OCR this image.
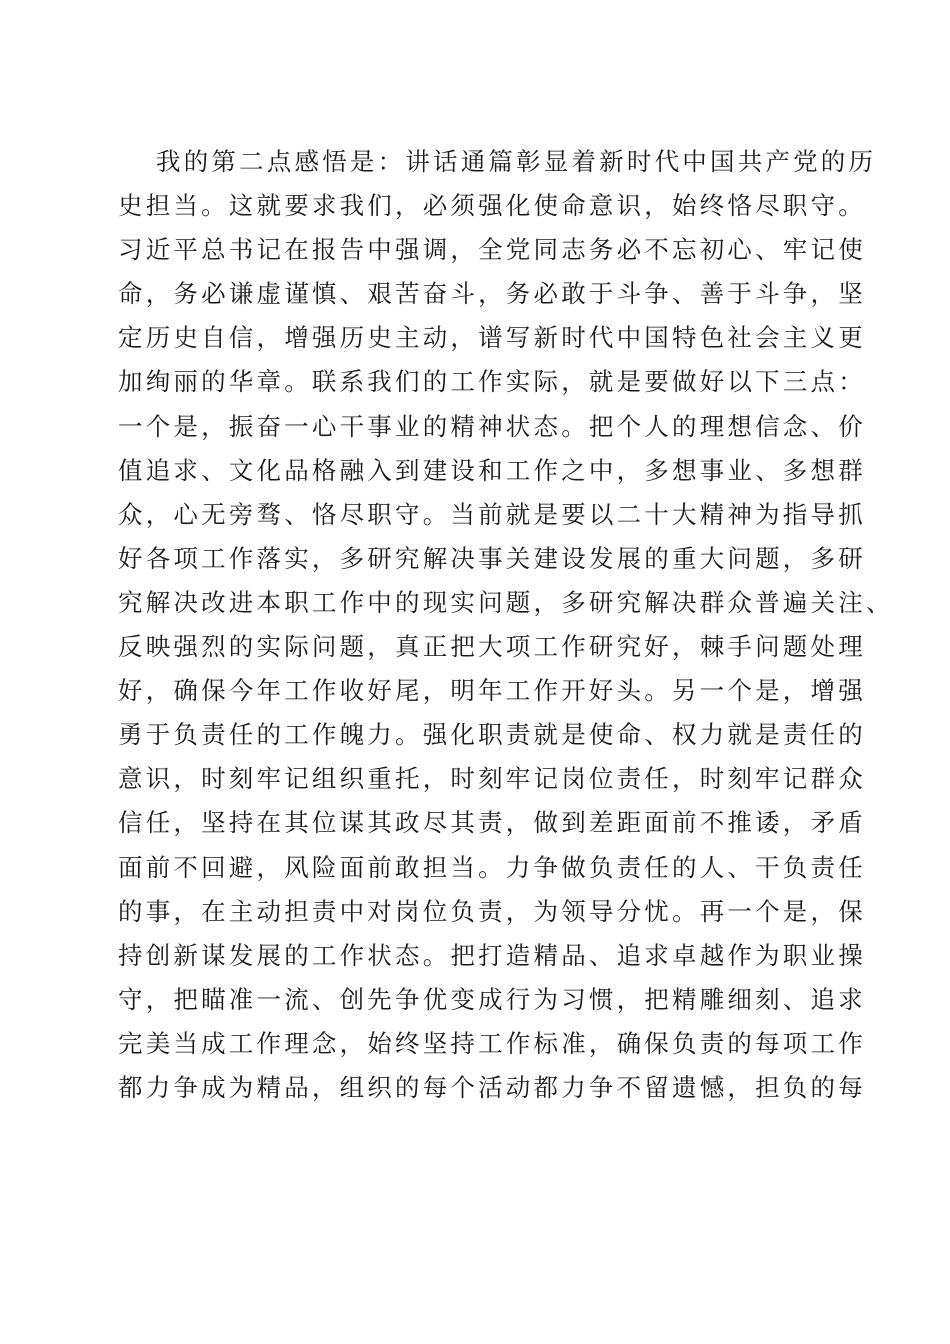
我的第二点感悟是：讲话通篇彰显着新时代中国共产党的历
史担当。这就要求我们，必须强化使命意识，始终恪尽职守。
习近平总书记在报告中强调，全党同志务必不忘初心、牢记使
命，务必谦虚谨慎、艰苦奋斗，务必敢于斗争、善于斗争，坚
定历史自信，增强历史主动，谱写新时代中国特色社会主义更
加绚丽的华章。联系我们的工作实际，就是要做好以下三点：
一个是，振奋一心干事业的精神状态。把个人的理想信念、价
值追求、文化品格融入到建设和工作之中，多想事业、多想群
众，心无旁骛、恪尽职守。当前就是要以二十大精神为指导抓
好各项工作落实，多研究解决事关建设发展的重大问题，多研
究解决改进本职工作中的现实问题，多研究解决群众普遍关注、
反映强烈的实际问题，真正把大项工作研究好，棘手问题处理
好，确保今年工作收好尾，明年工作开好头。另一个是，增强
勇于负责任的工作魄力。强化职责就是使命、权力就是责任的
意识，时刻牢记组织重托，时刻牢记岗位责任，时刻牢记群众
信任，坚持在其位谋其政尽其责，做到差距面前不推诿，矛盾
面前不回避，风险面前敢担当。力争做负责任的人、干负责任
的事，在主动担责中对岗位负责，为领导分忧。再一个是，保
持创新谋发展的工作状态。把打造精品、追求卓越作为职业操
守，把瞄准一流、创先争优变成行为习惯，把精雕细刻、追求
完美当成工作理念，始终坚持工作标准，确保负责的每项工作
都力争成为精品，组织的每个活动都力争不留遗憾，担负的每
